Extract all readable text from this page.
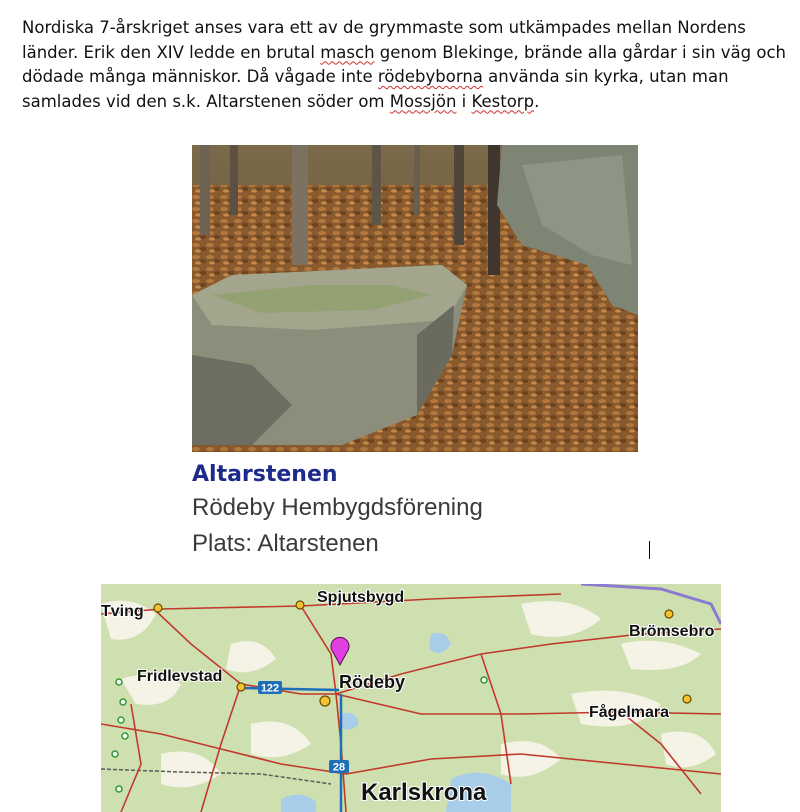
Nordiska 7-årskriget anses vara ett av de grymmaste som utkämpades mellan Nordens länder. Erik den XIV ledde en brutal masch genom Blekinge, brände alla gårdar i sin väg och dödade många människor. Då vågade inte rödebyborna använda sin kyrka, utan man samlades vid den s.k. Altarstenen söder om Mossjön i Kestorp.

Altarstenen

Rödeby Hembygdsförening

Plats: Altarstenen

122
28
Tving
Spjutsbygd
Brömsebro
Fridlevstad	Rödeby
Fågelmara
Karlskrona
